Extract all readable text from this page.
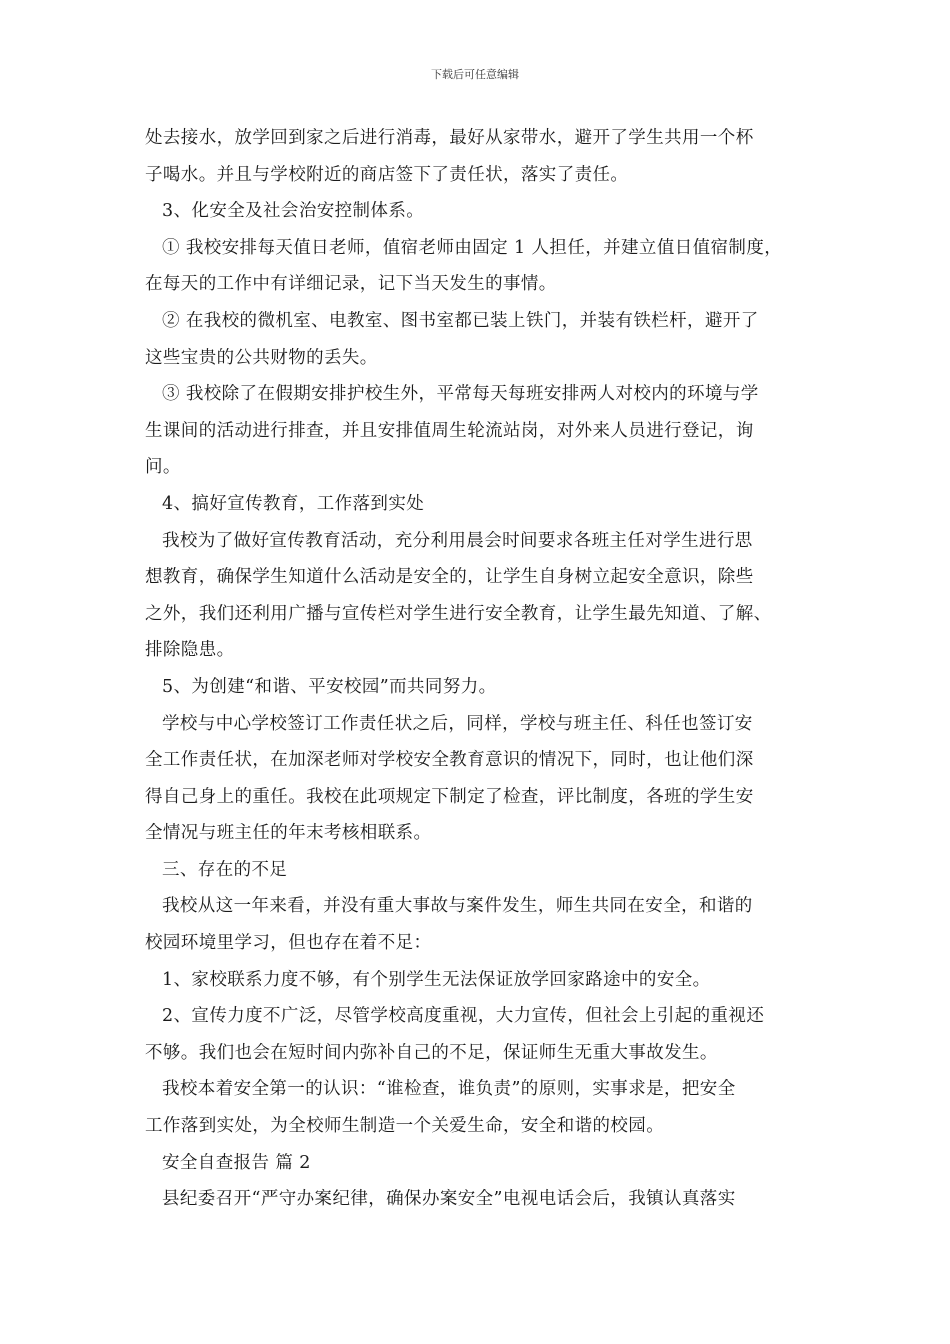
下载后可任意编辑
处去接水，放学回到家之后进行消毒，最好从家带水，避开了学生共用一个杯
子喝水。并且与学校附近的商店签下了责任状，落实了责任。
3、化安全及社会治安控制体系。
① 我校安排每天值日老师，值宿老师由固定 1 人担任，并建立值日值宿制度，
在每天的工作中有详细记录，记下当天发生的事情。
② 在我校的微机室、电教室、图书室都已装上铁门，并装有铁栏杆，避开了
这些宝贵的公共财物的丢失。
③ 我校除了在假期安排护校生外，平常每天每班安排两人对校内的环境与学
生课间的活动进行排查，并且安排值周生轮流站岗，对外来人员进行登记，询
问。
4、搞好宣传教育，工作落到实处
我校为了做好宣传教育活动，充分利用晨会时间要求各班主任对学生进行思
想教育，确保学生知道什么活动是安全的，让学生自身树立起安全意识，除些
之外，我们还利用广播与宣传栏对学生进行安全教育，让学生最先知道、了解、
排除隐患。
5、为创建“和谐、平安校园”而共同努力。
学校与中心学校签订工作责任状之后，同样，学校与班主任、科任也签订安
全工作责任状，在加深老师对学校安全教育意识的情况下，同时，也让他们深
得自己身上的重任。我校在此项规定下制定了检查，评比制度，各班的学生安
全情况与班主任的年末考核相联系。
三、存在的不足
我校从这一年来看，并没有重大事故与案件发生，师生共同在安全，和谐的
校园环境里学习，但也存在着不足：
1、家校联系力度不够，有个别学生无法保证放学回家路途中的安全。
2、宣传力度不广泛，尽管学校高度重视，大力宣传，但社会上引起的重视还
不够。我们也会在短时间内弥补自己的不足，保证师生无重大事故发生。
我校本着安全第一的认识：“谁检查，谁负责”的原则，实事求是，把安全
工作落到实处，为全校师生制造一个关爱生命，安全和谐的校园。
安全自查报告 篇 2
县纪委召开“严守办案纪律，确保办案安全”电视电话会后，我镇认真落实
